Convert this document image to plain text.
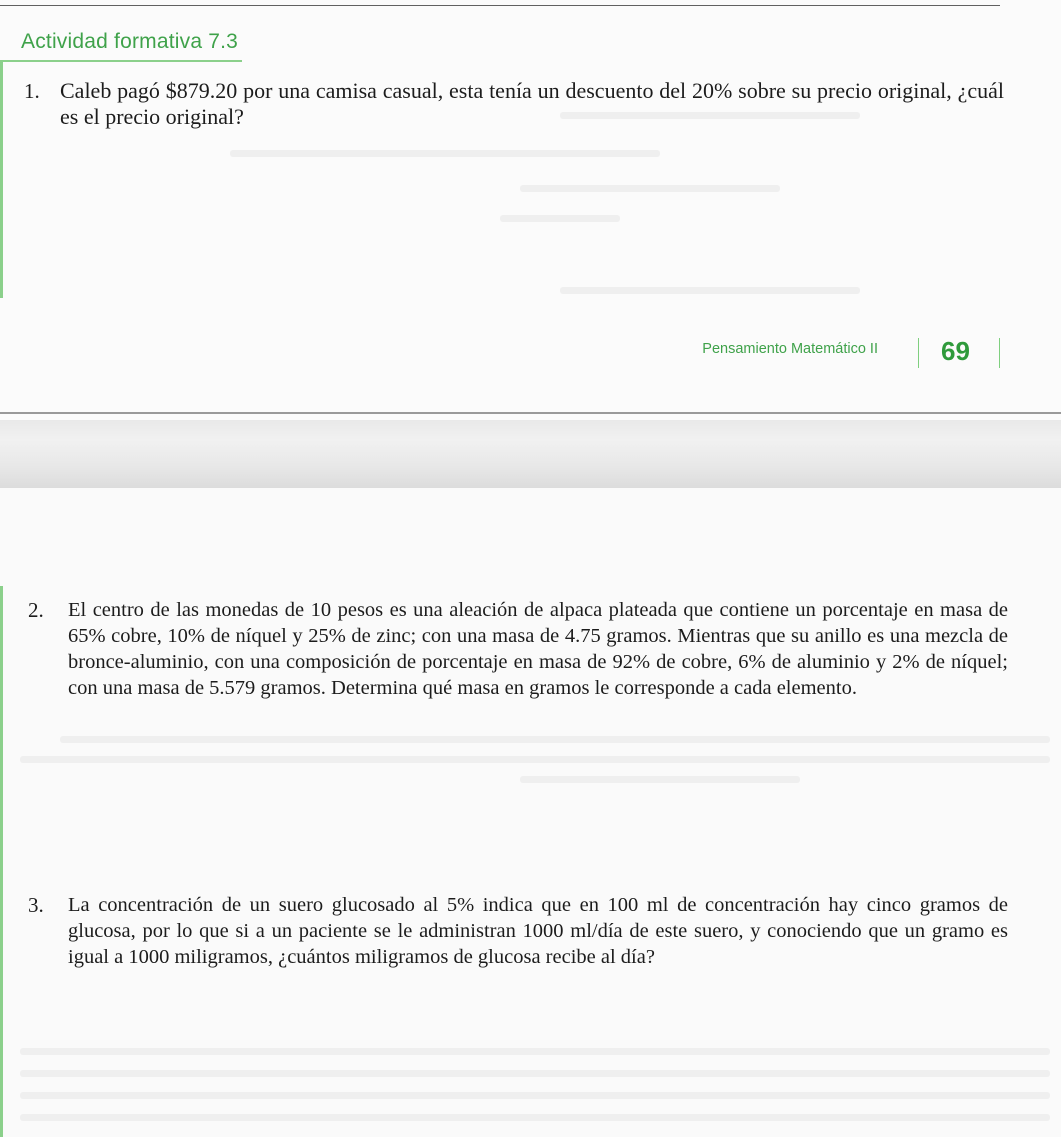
Actividad formativa 7.3
1. Caleb pagó $879.20 por una camisa casual, esta tenía un descuento del 20% sobre su precio original, ¿cuál es el precio original?

Pensamiento Matemático II 69
2. El centro de las monedas de 10 pesos es una aleación de alpaca plateada que contiene un porcentaje en masa de 65% cobre, 10% de níquel y 25% de zinc; con una masa de 4.75 gramos. Mientras que su anillo es una mezcla de bronce-aluminio, con una composición de porcentaje en masa de 92% de cobre, 6% de aluminio y 2% de níquel; con una masa de 5.579 gramos. Determina qué masa en gramos le corresponde a cada elemento.

3. La concentración de un suero glucosado al 5% indica que en 100 ml de concentración hay cinco gramos de glucosa, por lo que si a un paciente se le administran 1000 ml/día de este suero, y conociendo que un gramo es igual a 1000 miligramos, ¿cuántos miligramos de glucosa recibe al día?
